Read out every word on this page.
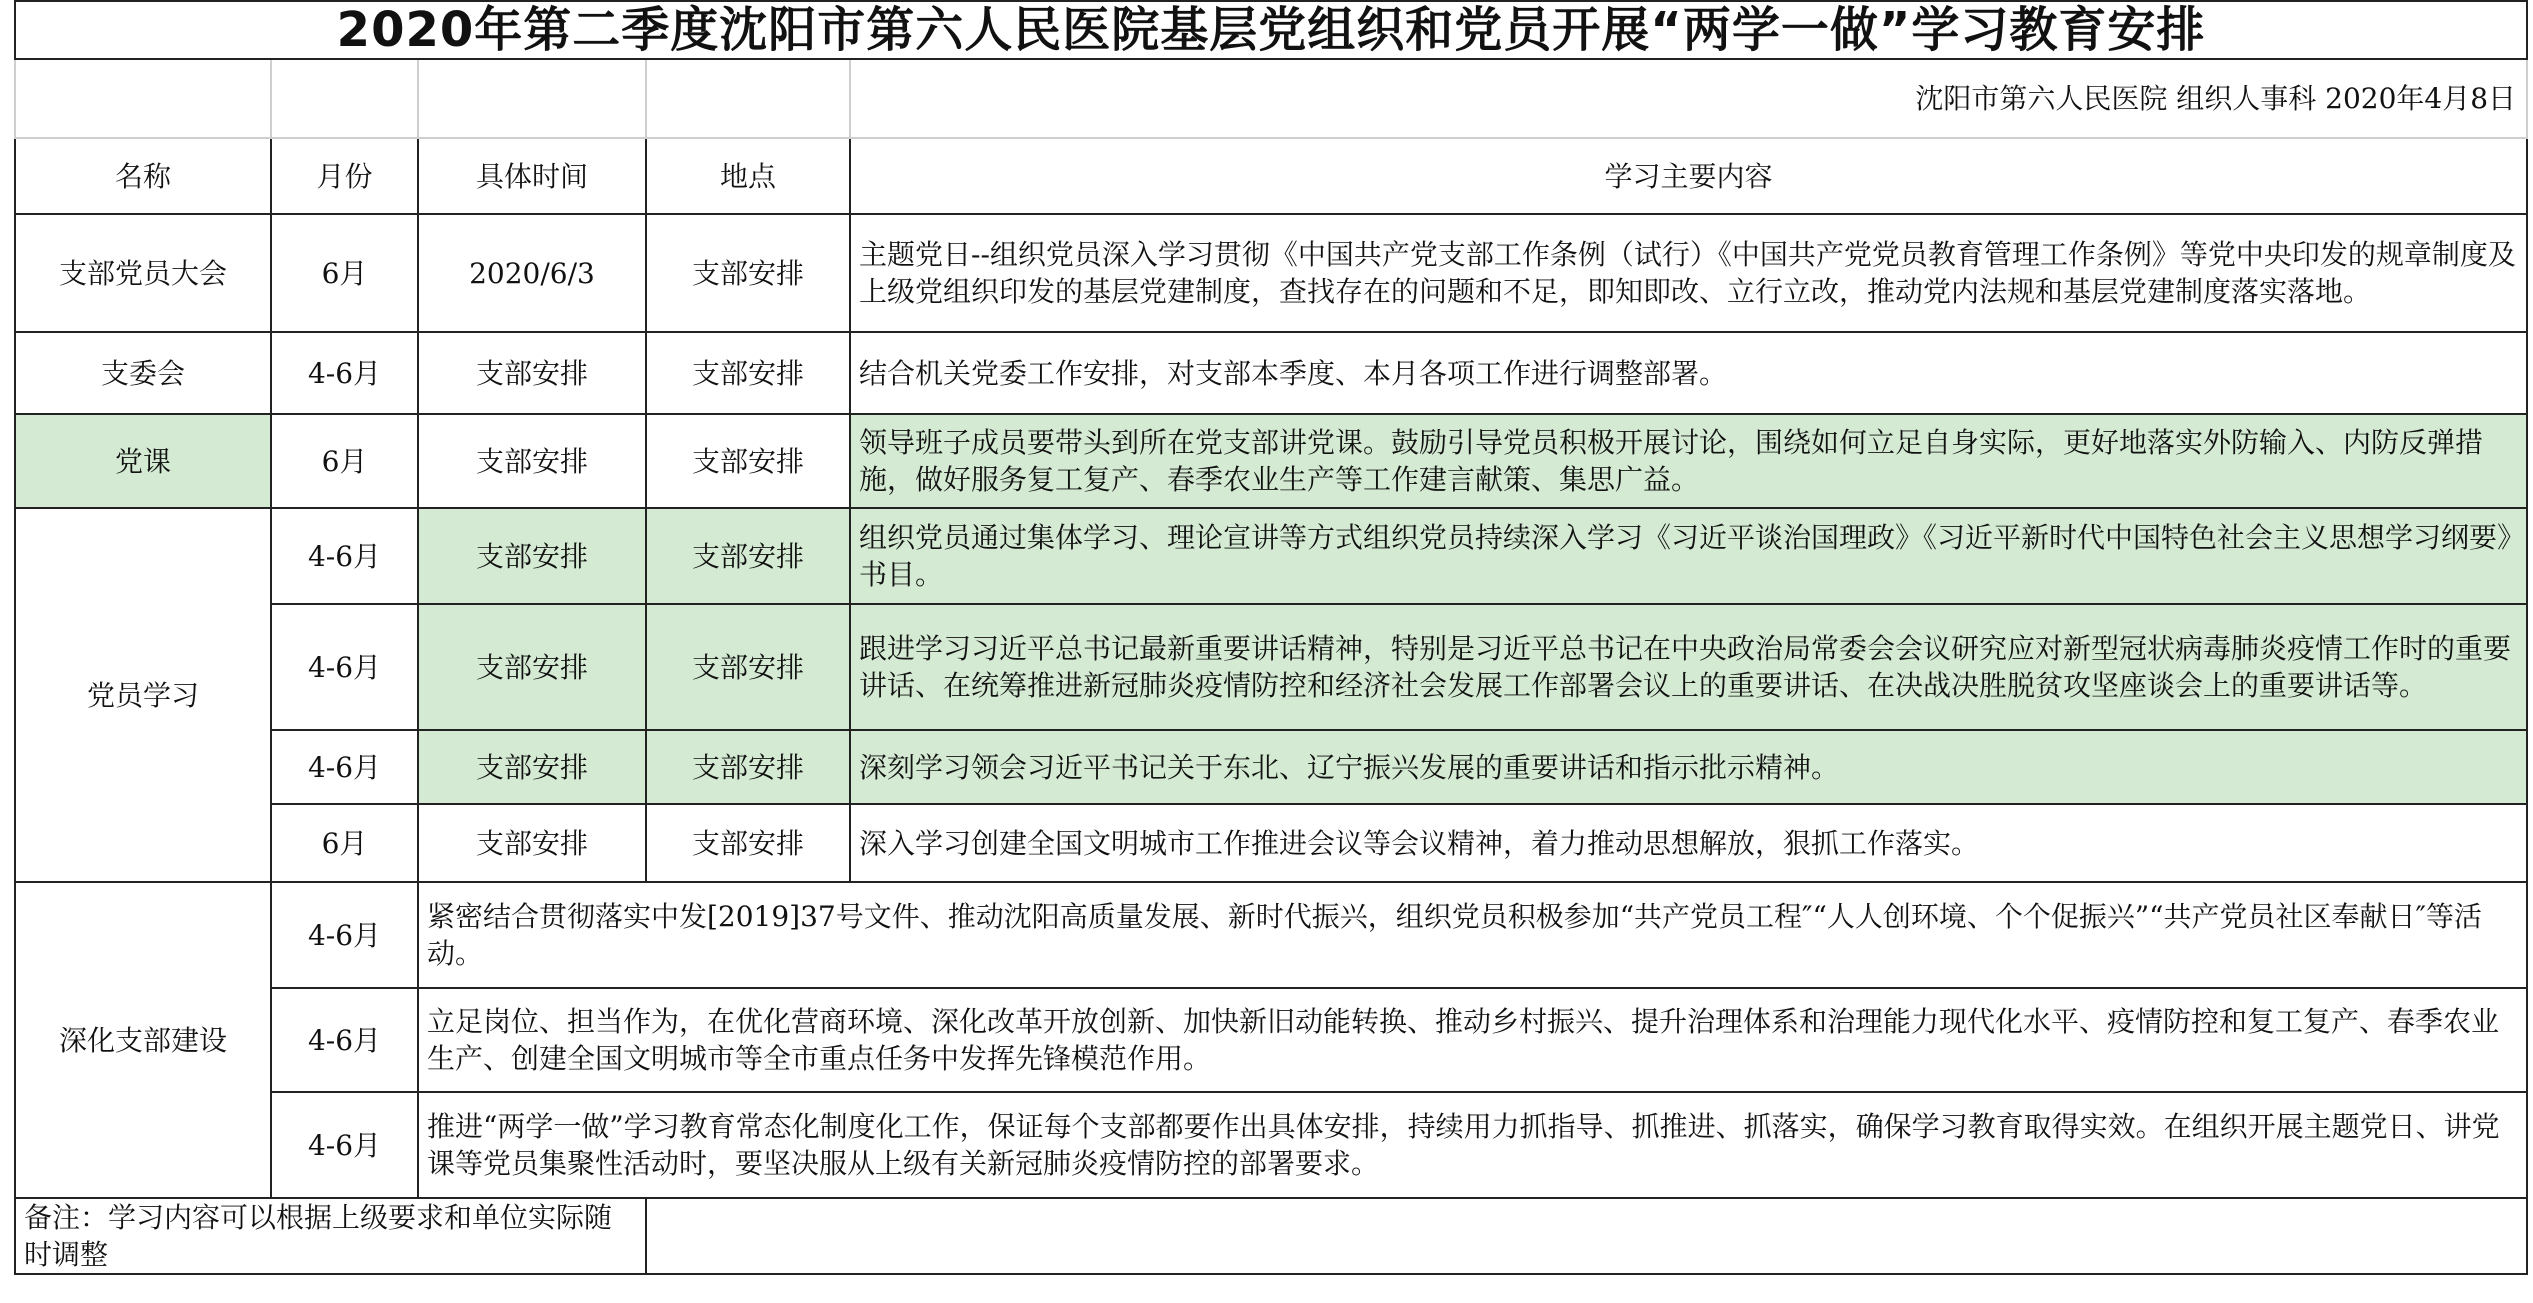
2020年第二季度沈阳市第六人民医院基层党组织和党员开展“两学一做”学习教育安排				
				沈阳市第六人民医院 组织人事科 2020年4月8日
名称	月份	具体时间	地点	学习主要内容
支部党员大会	6月	2020/6/3	支部安排	主题党日--组织党员深入学习贯彻《中国共产党支部工作条例（试行）《中国共产党党员教育管理工作条例》等党中央印发的规章制度及上级党组织印发的基层党建制度，查找存在的问题和不足，即知即改、立行立改，推动党内法规和基层党建制度落实落地。
支委会	4-6月	支部安排	支部安排	结合机关党委工作安排，对支部本季度、本月各项工作进行调整部署。
党课	6月	支部安排	支部安排	领导班子成员要带头到所在党支部讲党课。鼓励引导党员积极开展讨论，围绕如何立足自身实际，更好地落实外防输入、内防反弹措施，做好服务复工复产、春季农业生产等工作建言献策、集思广益。
党员学习	4-6月	支部安排	支部安排	组织党员通过集体学习、理论宣讲等方式组织党员持续深入学习《习近平谈治国理政》《习近平新时代中国特色社会主义思想学习纲要》书目。
	4-6月	支部安排	支部安排	跟进学习习近平总书记最新重要讲话精神，特别是习近平总书记在中央政治局常委会会议研究应对新型冠状病毒肺炎疫情工作时的重要讲话、在统筹推进新冠肺炎疫情防控和经济社会发展工作部署会议上的重要讲话、在决战决胜脱贫攻坚座谈会上的重要讲话等。
	4-6月	支部安排	支部安排	深刻学习领会习近平书记关于东北、辽宁振兴发展的重要讲话和指示批示精神。
	6月	支部安排	支部安排	深入学习创建全国文明城市工作推进会议等会议精神，着力推动思想解放，狠抓工作落实。
深化支部建设	4-6月	紧密结合贯彻落实中发[2019]37号文件、推动沈阳高质量发展、新时代振兴，组织党员积极参加“共产党员工程″“人人创环境、个个促振兴”“共产党员社区奉献日″等活动。		
	4-6月	立足岗位、担当作为，在优化营商环境、深化改革开放创新、加快新旧动能转换、推动乡村振兴、提升治理体系和治理能力现代化水平、疫情防控和复工复产、春季农业生产、创建全国文明城市等全市重点任务中发挥先锋模范作用。		
	4-6月	推进“两学一做”学习教育常态化制度化工作，保证每个支部都要作出具体安排，持续用力抓指导、抓推进、抓落实，确保学习教育取得实效。在组织开展主题党日、讲党课等党员集聚性活动时，要坚决服从上级有关新冠肺炎疫情防控的部署要求。		
备注：学习内容可以根据上级要求和单位实际随时调整				
